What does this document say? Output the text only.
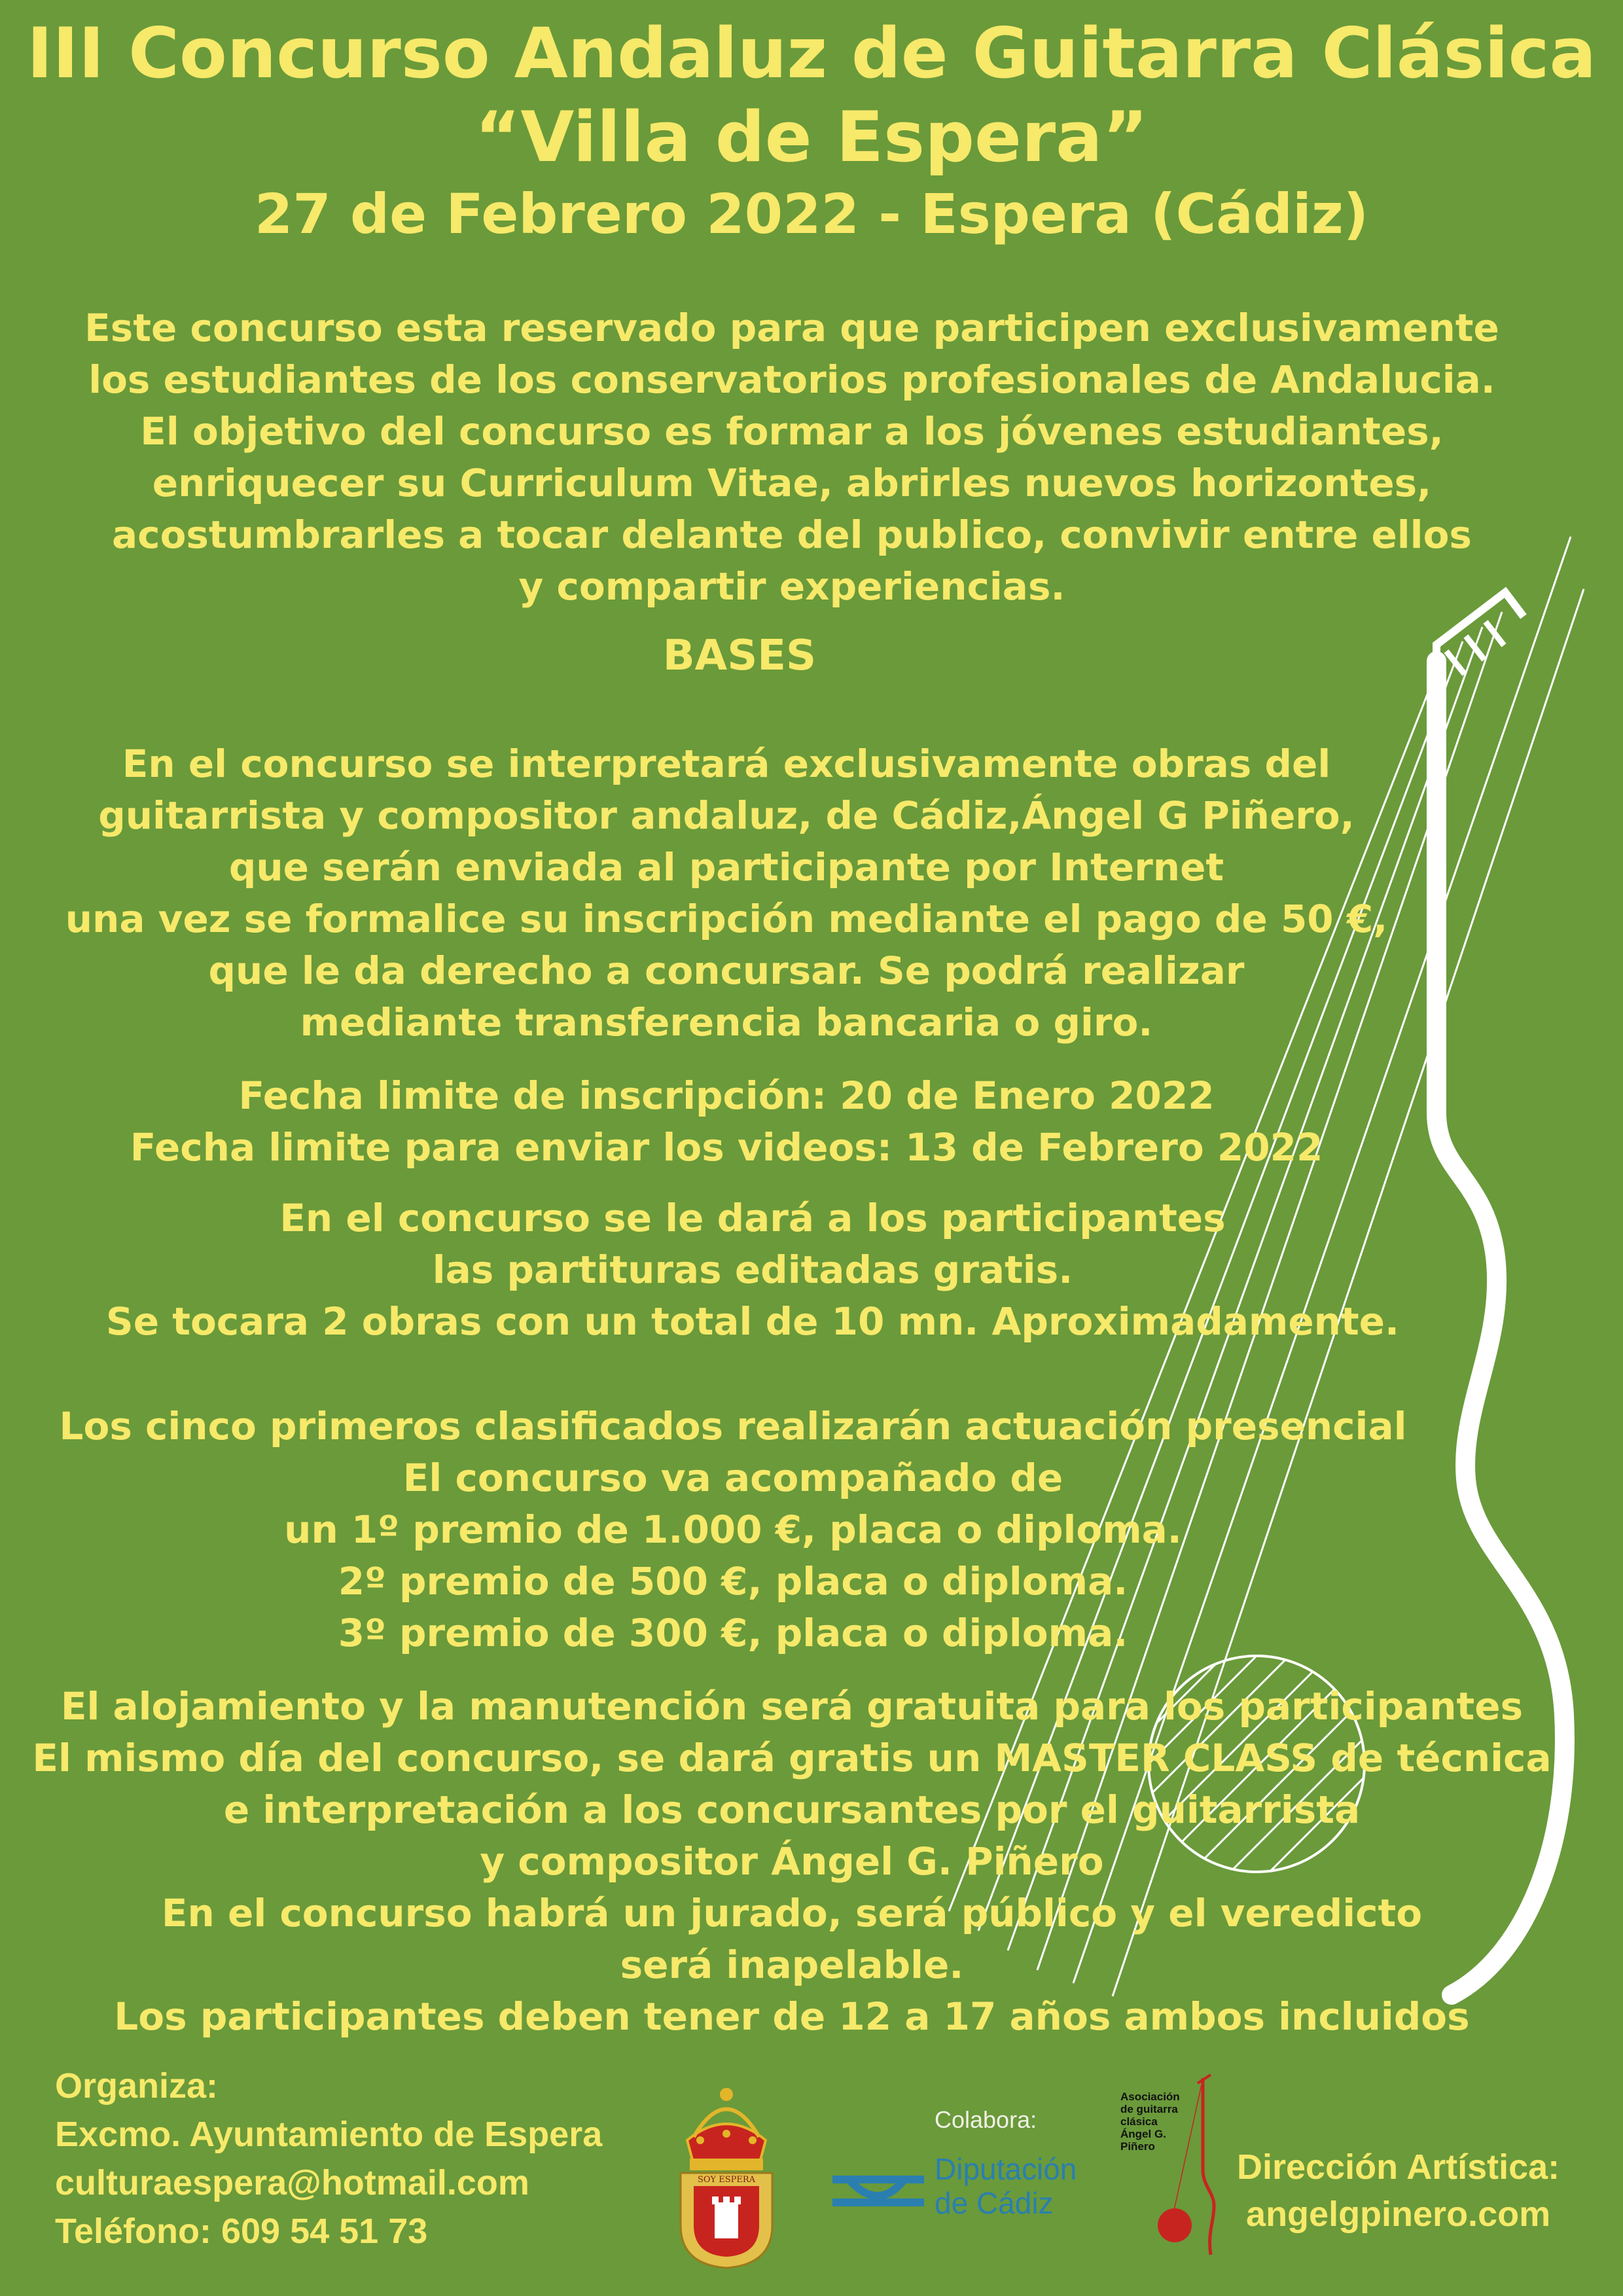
III Concurso Andaluz de Guitarra Clásica
“Villa de Espera”
27 de Febrero 2022 - Espera (Cádiz)
Este concurso esta reservado para que participen exclusivamente
los estudiantes de los conservatorios profesionales de Andalucia.
El objetivo del concurso es formar a los jóvenes estudiantes,
enriquecer su Curriculum Vitae, abrirles nuevos horizontes,
acostumbrarles a tocar delante del publico, convivir entre ellos
y compartir experiencias.
BASES
En el concurso se interpretará exclusivamente obras del
guitarrista y compositor andaluz, de Cádiz,Ángel G Piñero,
que serán enviada al participante por Internet
una vez se formalice su inscripción mediante el pago de 50 €,
que le da derecho a concursar. Se podrá realizar
mediante transferencia bancaria o giro.
Fecha limite de inscripción: 20 de Enero 2022
Fecha limite para enviar los videos: 13 de Febrero 2022
En el concurso se le dará a los participantes
las partituras editadas gratis.
Se tocara 2 obras con un total de 10 mn. Aproximadamente.
Los cinco primeros clasificados realizarán actuación presencial
El concurso va acompañado de
un 1º premio de 1.000 €, placa o diploma.
2º premio de 500 €, placa o diploma.
3º premio de 300 €, placa o diploma.
El alojamiento y la manutención será gratuita para los participantes
El mismo día del concurso, se dará gratis un MASTER CLASS de técnica
e interpretación a los concursantes por el guitarrista
y compositor Ángel G. Piñero
En el concurso habrá un jurado, será público y el veredicto
será inapelable.
Los participantes deben tener de 12 a 17 años ambos incluidos
Organiza:
Excmo. Ayuntamiento de Espera
culturaespera@hotmail.com
Teléfono: 609 54 51 73
SOY ESPERA
Colabora:
Diputación
de Cádiz
Asociación
de guitarra
clásica
Ángel G.
Piñero
Dirección Artística:
angelgpinero.com
